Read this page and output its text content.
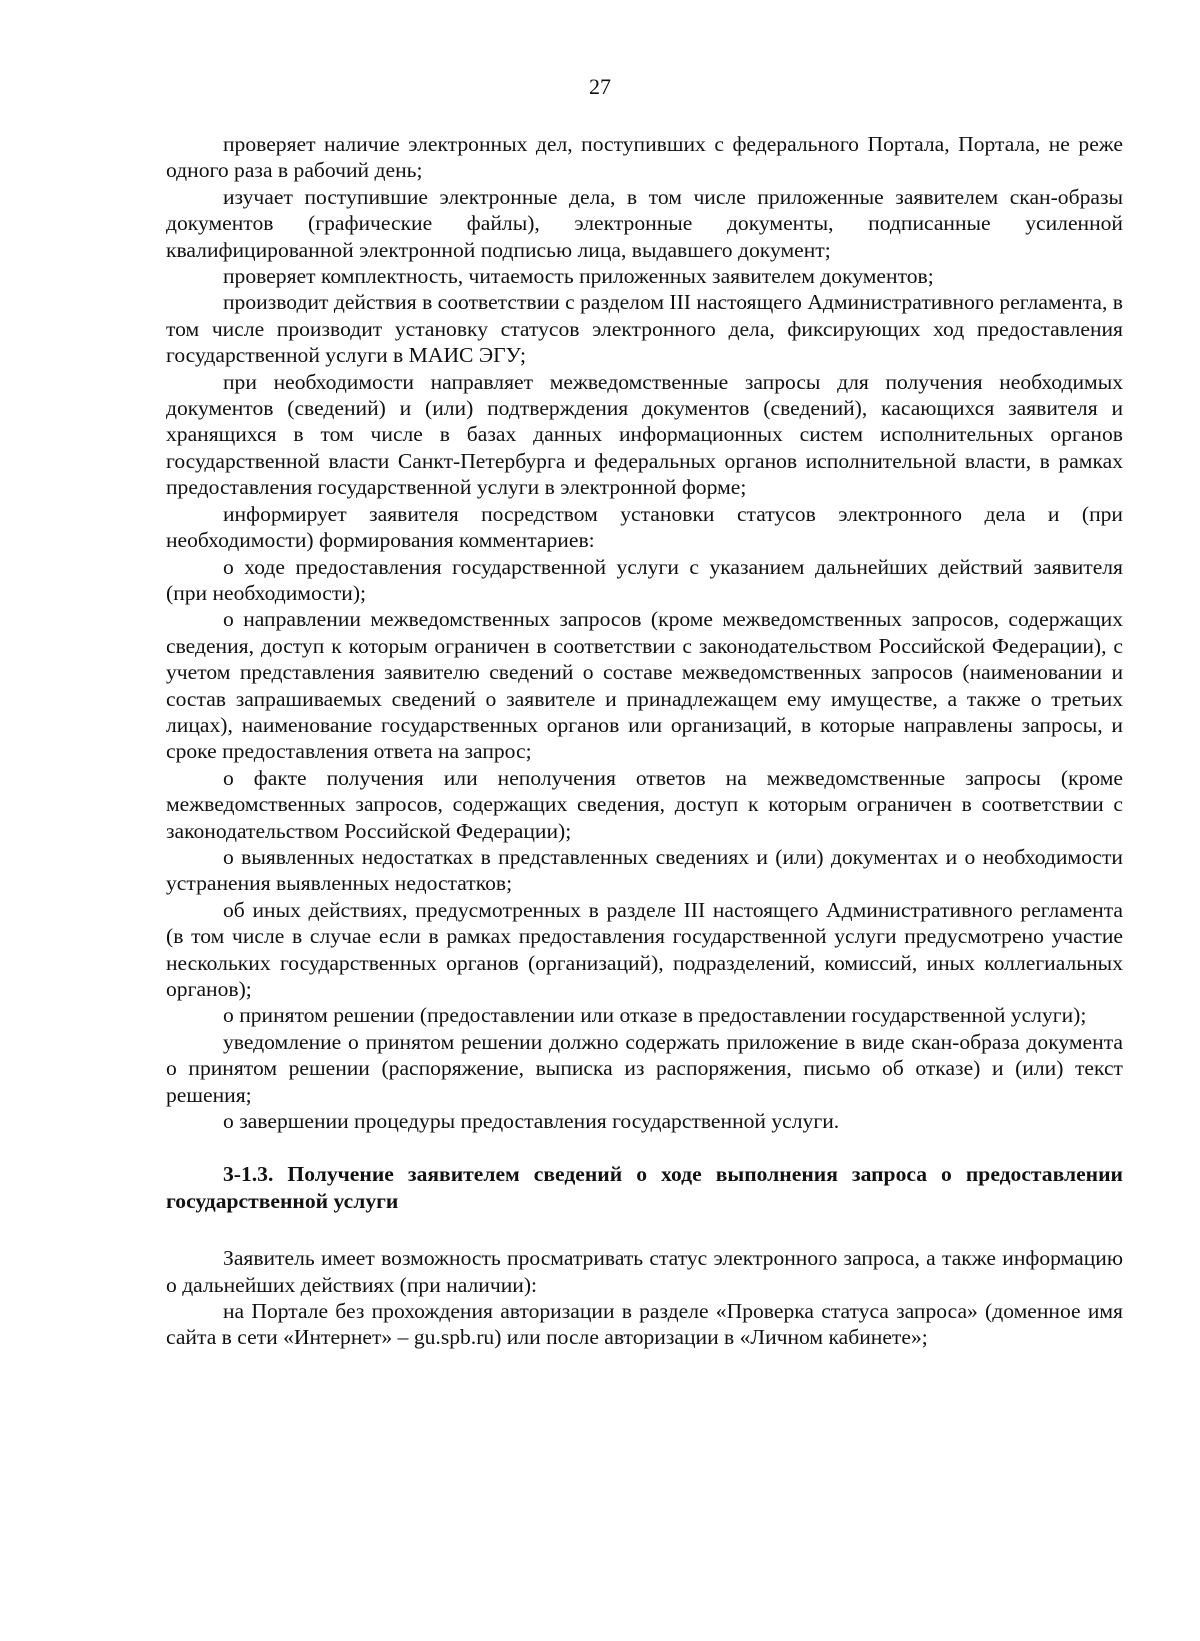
27

проверяет наличие электронных дел, поступивших с федерального Портала, Портала, не реже одного раза в рабочий день;

изучает поступившие электронные дела, в том числе приложенные заявителем скан-образы документов (графические файлы), электронные документы, подписанные усиленной квалифицированной электронной подписью лица, выдавшего документ;

проверяет комплектность, читаемость приложенных заявителем документов;

производит действия в соответствии с разделом III настоящего Административного регламента, в том числе производит установку статусов электронного дела, фиксирующих ход предоставления государственной услуги в МАИС ЭГУ;

при необходимости направляет межведомственные запросы для получения необходимых документов (сведений) и (или) подтверждения документов (сведений), касающихся заявителя и хранящихся в том числе в базах данных информационных систем исполнительных органов государственной власти Санкт-Петербурга и федеральных органов исполнительной власти, в рамках предоставления государственной услуги в электронной форме;

информирует заявителя посредством установки статусов электронного дела и (при необходимости) формирования комментариев:

о ходе предоставления государственной услуги с указанием дальнейших действий заявителя (при необходимости);

о направлении межведомственных запросов (кроме межведомственных запросов, содержащих сведения, доступ к которым ограничен в соответствии с законодательством Российской Федерации), с учетом представления заявителю сведений о составе межведомственных запросов (наименовании и состав запрашиваемых сведений о заявителе и принадлежащем ему имуществе, а также о третьих лицах), наименование государственных органов или организаций, в которые направлены запросы, и сроке предоставления ответа на запрос;

о факте получения или неполучения ответов на межведомственные запросы (кроме межведомственных запросов, содержащих сведения, доступ к которым ограничен в соответствии с законодательством Российской Федерации);

о выявленных недостатках в представленных сведениях и (или) документах и о необходимости устранения выявленных недостатков;

об иных действиях, предусмотренных в разделе III настоящего Административного регламента (в том числе в случае если в рамках предоставления государственной услуги предусмотрено участие нескольких государственных органов (организаций), подразделений, комиссий, иных коллегиальных органов);

о принятом решении (предоставлении или отказе в предоставлении государственной услуги);

уведомление о принятом решении должно содержать приложение в виде скан-образа документа о принятом решении (распоряжение, выписка из распоряжения, письмо об отказе) и (или) текст решения;

о завершении процедуры предоставления государственной услуги.

3-1.3. Получение заявителем сведений о ходе выполнения запроса о предоставлении государственной услуги

Заявитель имеет возможность просматривать статус электронного запроса, а также информацию о дальнейших действиях (при наличии):

на Портале без прохождения авторизации в разделе «Проверка статуса запроса» (доменное имя сайта в сети «Интернет» – gu.spb.ru) или после авторизации в «Личном кабинете»;
